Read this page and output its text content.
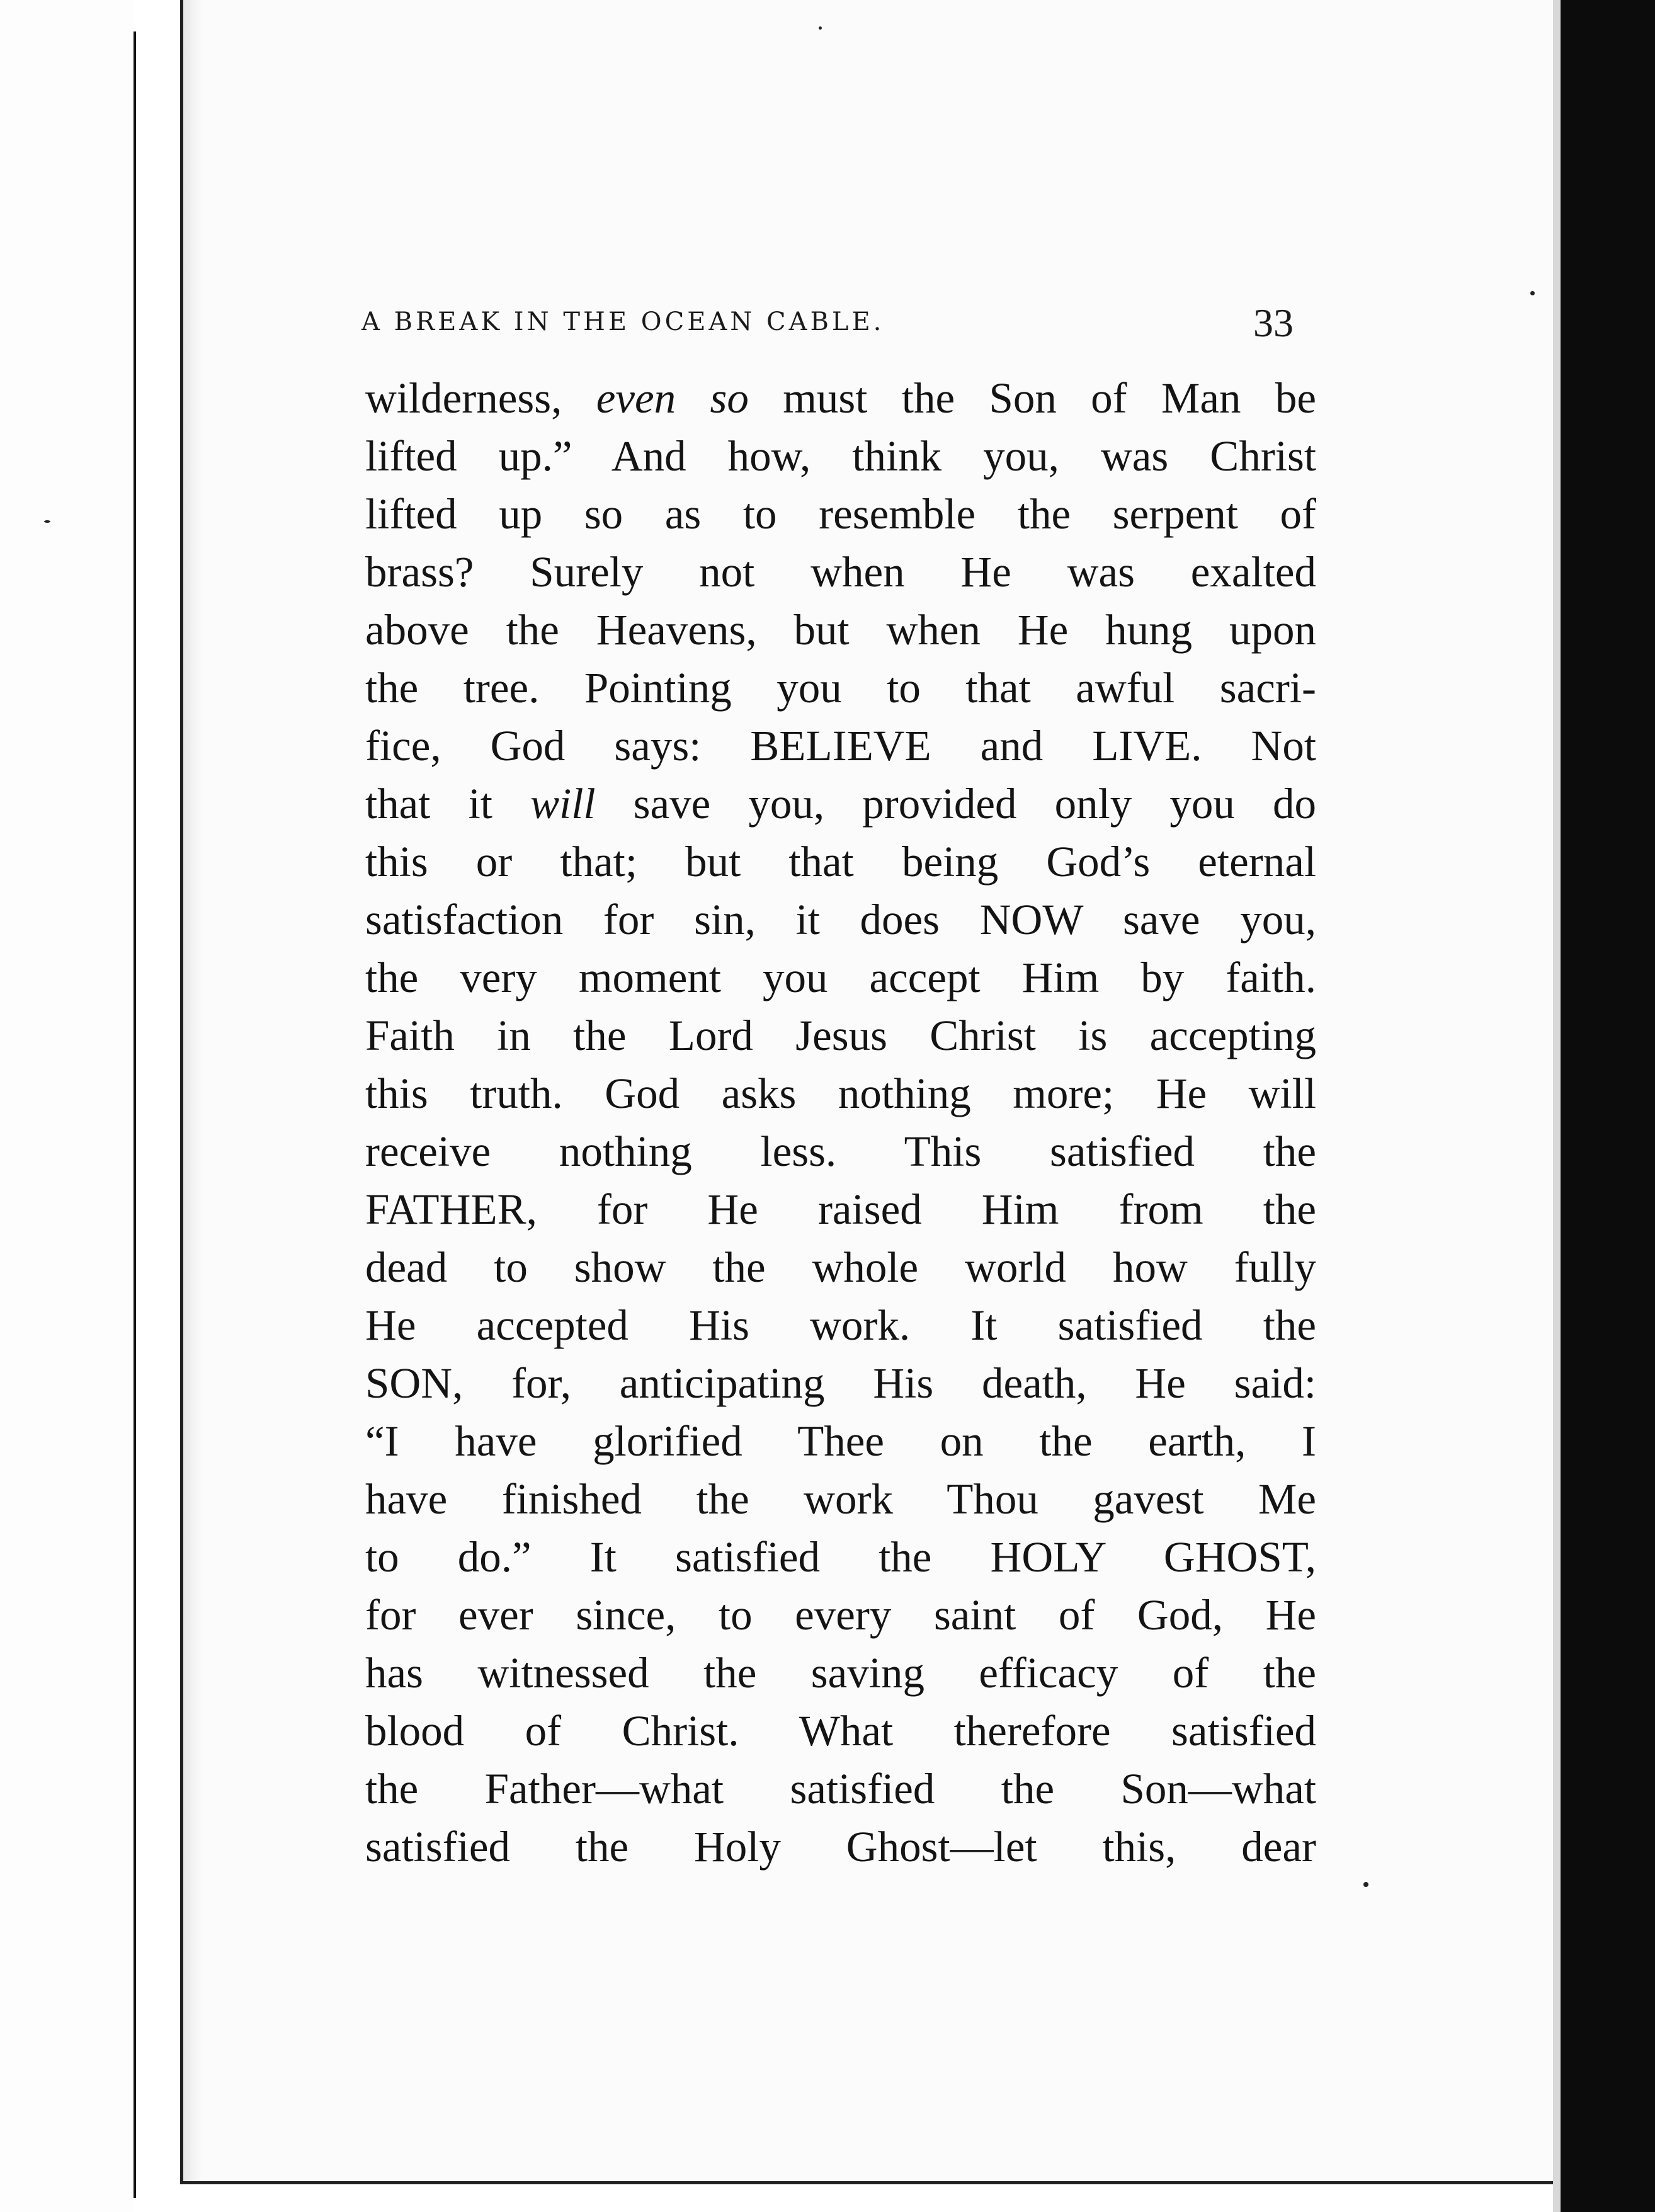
A BREAK IN THE OCEAN CABLE.	33
wilderness, even so must the Son of Man be
lifted up.” And how, think you, was Christ
lifted up so as to resemble the serpent of
brass? Surely not when He was exalted
above the Heavens, but when He hung upon
the tree. Pointing you to that awful sacri-
fice, God says: BELIEVE and LIVE. Not
that it will save you, provided only you do
this or that; but that being God’s eternal
satisfaction for sin, it does NOW save you,
the very moment you accept Him by faith.
Faith in the Lord Jesus Christ is accepting
this truth. God asks nothing more; He will
receive nothing less. This satisfied the
FATHER, for He raised Him from the
dead to show the whole world how fully
He accepted His work. It satisfied the
SON, for, anticipating His death, He said:
“I have glorified Thee on the earth, I
have finished the work Thou gavest Me
to do.” It satisfied the HOLY GHOST,
for ever since, to every saint of God, He
has witnessed the saving efficacy of the
blood of Christ. What therefore satisfied
the Father—what satisfied the Son—what
satisfied the Holy Ghost—let this, dear
